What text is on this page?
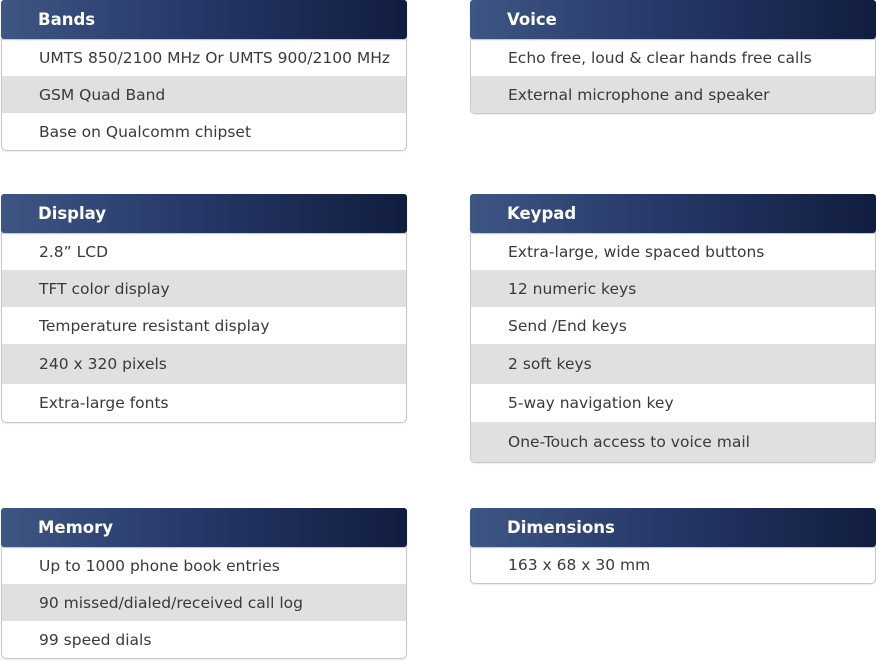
Bands
UMTS 850/2100 MHz Or UMTS 900/2100 MHz
GSM Quad Band
Base on Qualcomm chipset
Voice
Echo free, loud & clear hands free calls
External microphone and speaker
Display
2.8” LCD
TFT color display
Temperature resistant display
240 x 320 pixels
Extra-large fonts
Keypad
Extra-large, wide spaced buttons
12 numeric keys
Send /End keys
2 soft keys
5-way navigation key
One-Touch access to voice mail
Memory
Up to 1000 phone book entries
90 missed/dialed/received call log
99 speed dials
Dimensions
163 x 68 x 30 mm
